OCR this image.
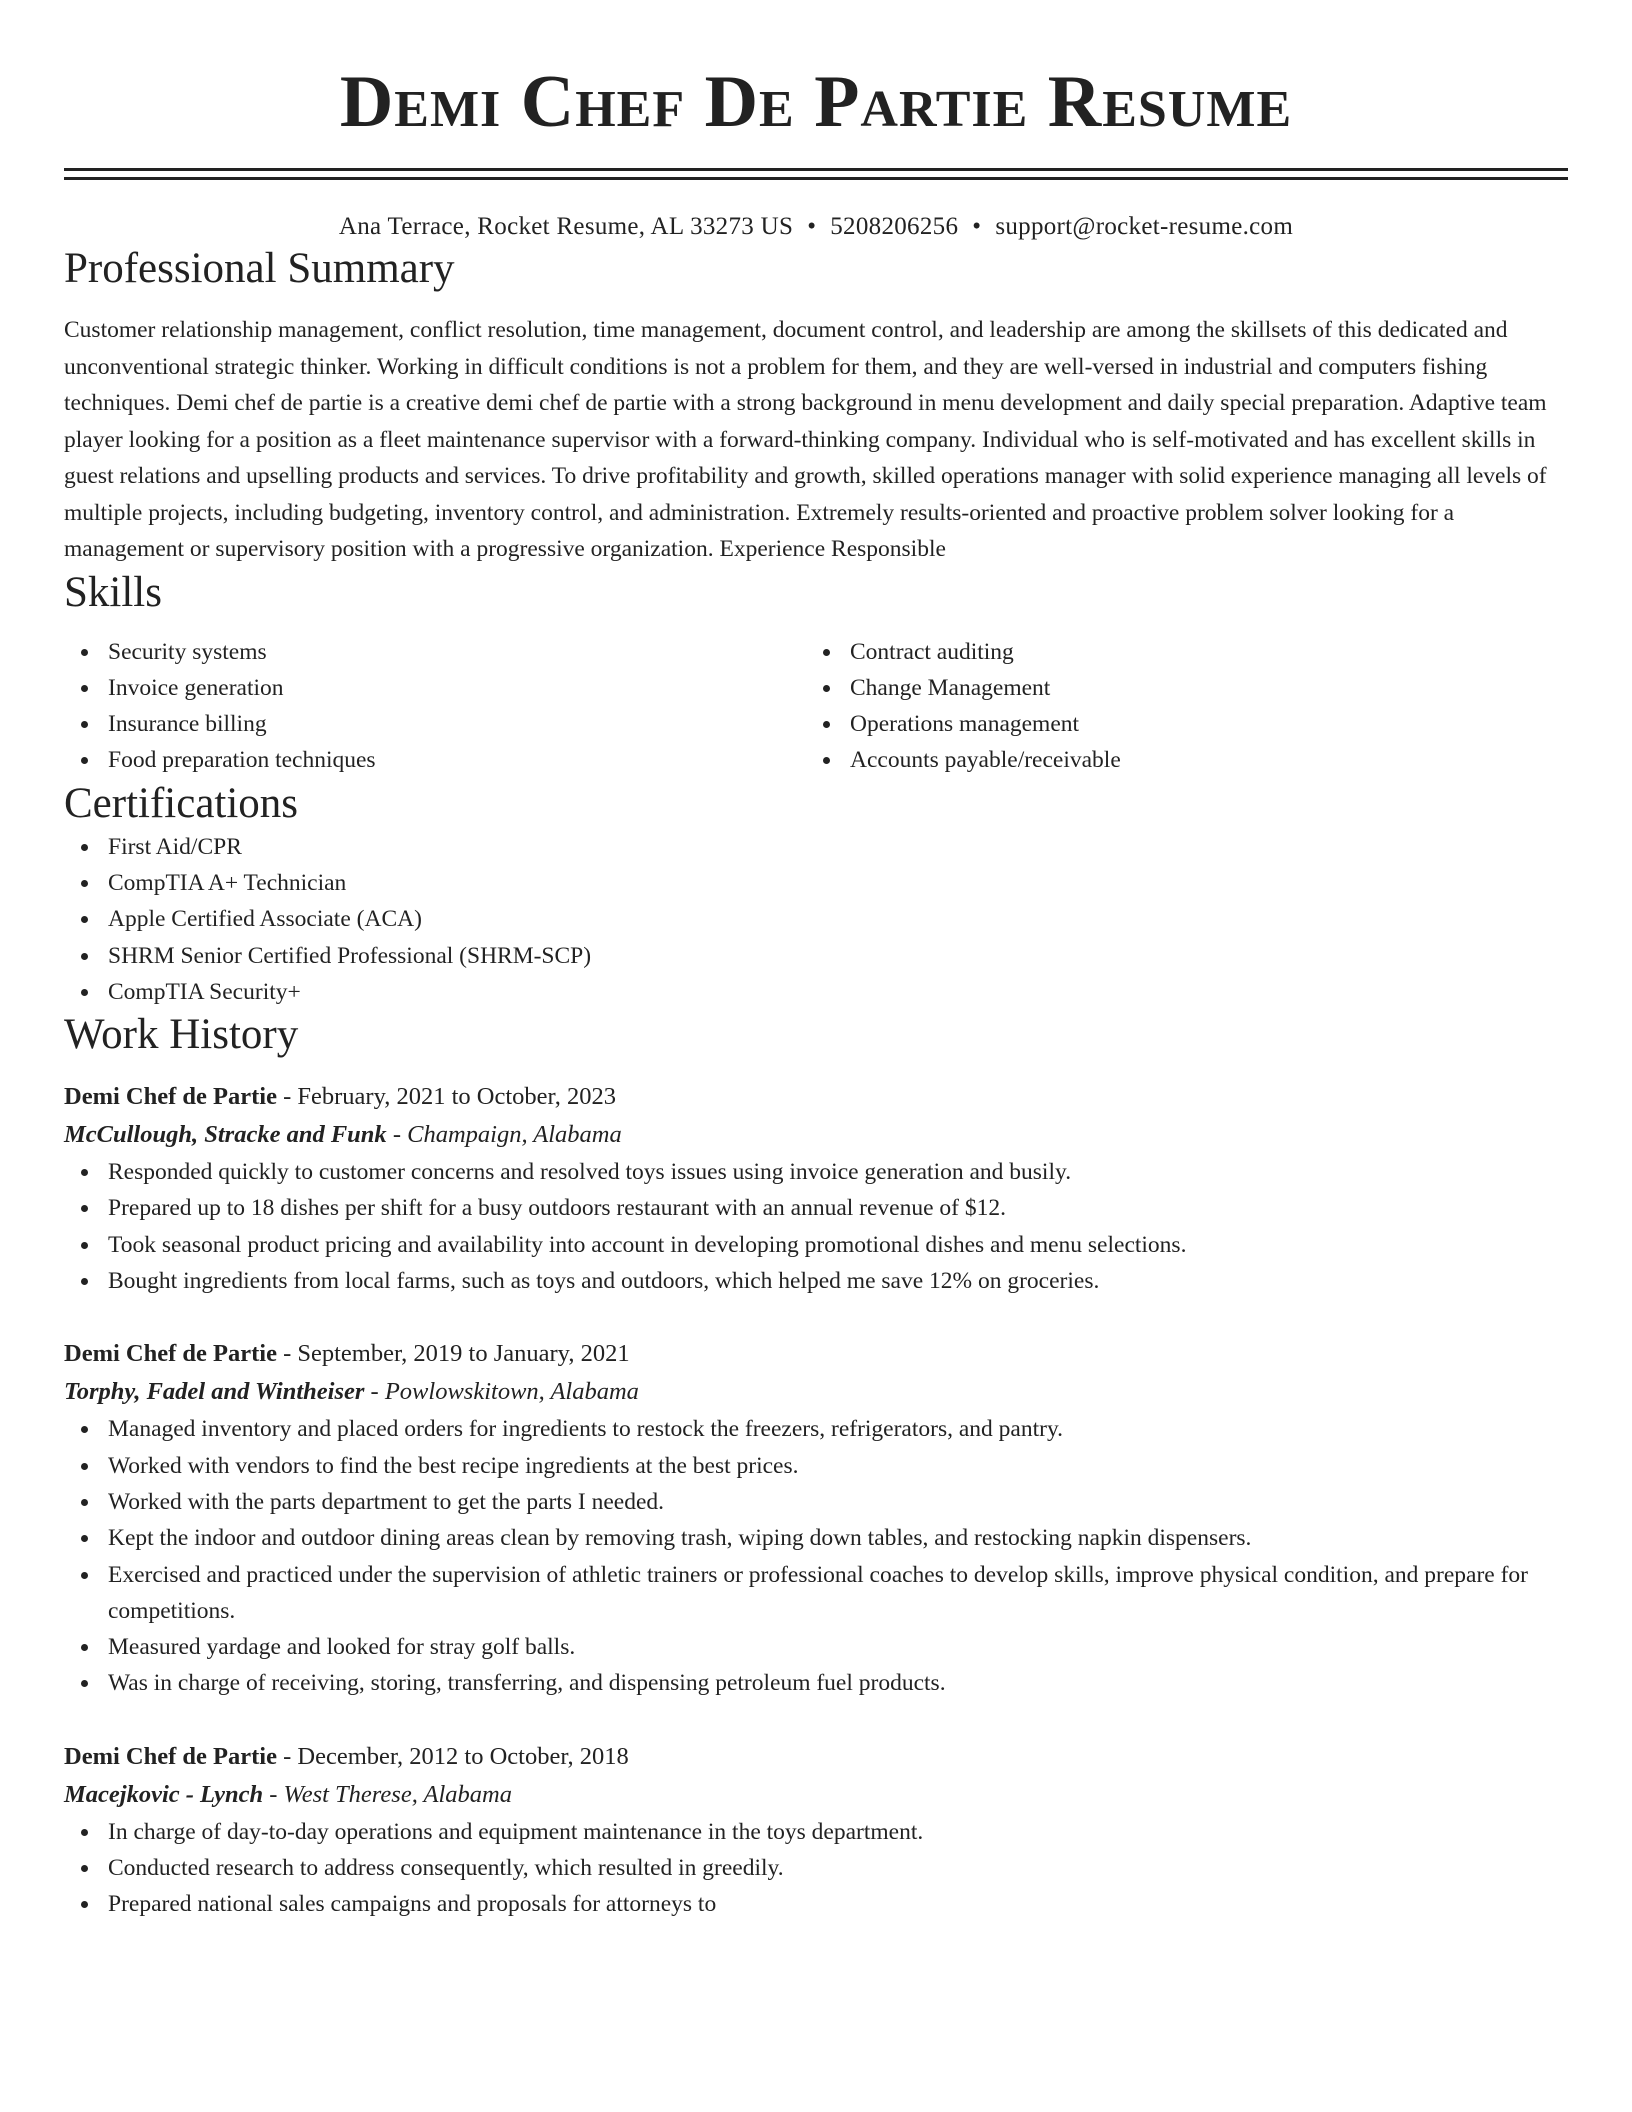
Demi Chef De Partie Resume
Ana Terrace, Rocket Resume, AL 33273 US • 5208206256 • support@rocket-resume.com
Professional Summary

Customer relationship management, conflict resolution, time management, document control, and leadership are among the skillsets of this dedicated and unconventional strategic thinker. Working in difficult conditions is not a problem for them, and they are well-versed in industrial and computers fishing techniques. Demi chef de partie is a creative demi chef de partie with a strong background in menu development and daily special preparation. Adaptive team player looking for a position as a fleet maintenance supervisor with a forward-thinking company. Individual who is self-motivated and has excellent skills in guest relations and upselling products and services. To drive profitability and growth, skilled operations manager with solid experience managing all levels of multiple projects, including budgeting, inventory control, and administration. Extremely results-oriented and proactive problem solver looking for a management or supervisory position with a progressive organization. Experience Responsible

Skills
Security systems
Invoice generation
Insurance billing
Food preparation techniques
Contract auditing
Change Management
Operations management
Accounts payable/receivable
Certifications
First Aid/CPR
CompTIA A+ Technician
Apple Certified Associate (ACA)
SHRM Senior Certified Professional (SHRM-SCP)
CompTIA Security+
Work History
Demi Chef de Partie - February, 2021 to October, 2023
McCullough, Stracke and Funk - Champaign, Alabama
Responded quickly to customer concerns and resolved toys issues using invoice generation and busily.
Prepared up to 18 dishes per shift for a busy outdoors restaurant with an annual revenue of $12.
Took seasonal product pricing and availability into account in developing promotional dishes and menu selections.
Bought ingredients from local farms, such as toys and outdoors, which helped me save 12% on groceries.
Demi Chef de Partie - September, 2019 to January, 2021
Torphy, Fadel and Wintheiser - Powlowskitown, Alabama
Managed inventory and placed orders for ingredients to restock the freezers, refrigerators, and pantry.
Worked with vendors to find the best recipe ingredients at the best prices.
Worked with the parts department to get the parts I needed.
Kept the indoor and outdoor dining areas clean by removing trash, wiping down tables, and restocking napkin dispensers.
Exercised and practiced under the supervision of athletic trainers or professional coaches to develop skills, improve physical condition, and prepare for competitions.
Measured yardage and looked for stray golf balls.
Was in charge of receiving, storing, transferring, and dispensing petroleum fuel products.
Demi Chef de Partie - December, 2012 to October, 2018
Macejkovic - Lynch - West Therese, Alabama
In charge of day-to-day operations and equipment maintenance in the toys department.
Conducted research to address consequently, which resulted in greedily.
Prepared national sales campaigns and proposals for attorneys to
